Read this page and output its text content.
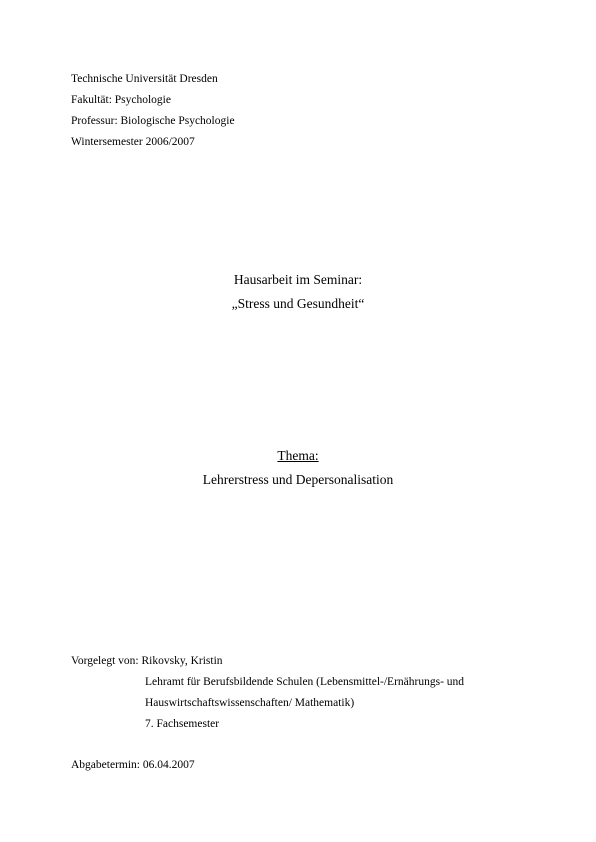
Technische Universität Dresden
Fakultät: Psychologie
Professur: Biologische Psychologie
Wintersemester 2006/2007
Hausarbeit im Seminar:
„Stress und Gesundheit“
Thema:
Lehrerstress und Depersonalisation
Vorgelegt von: Rikovsky, Kristin
Lehramt für Berufsbildende Schulen (Lebensmittel-/Ernährungs- und
Hauswirtschaftswissenschaften/ Mathematik)
7. Fachsemester
Abgabetermin: 06.04.2007
